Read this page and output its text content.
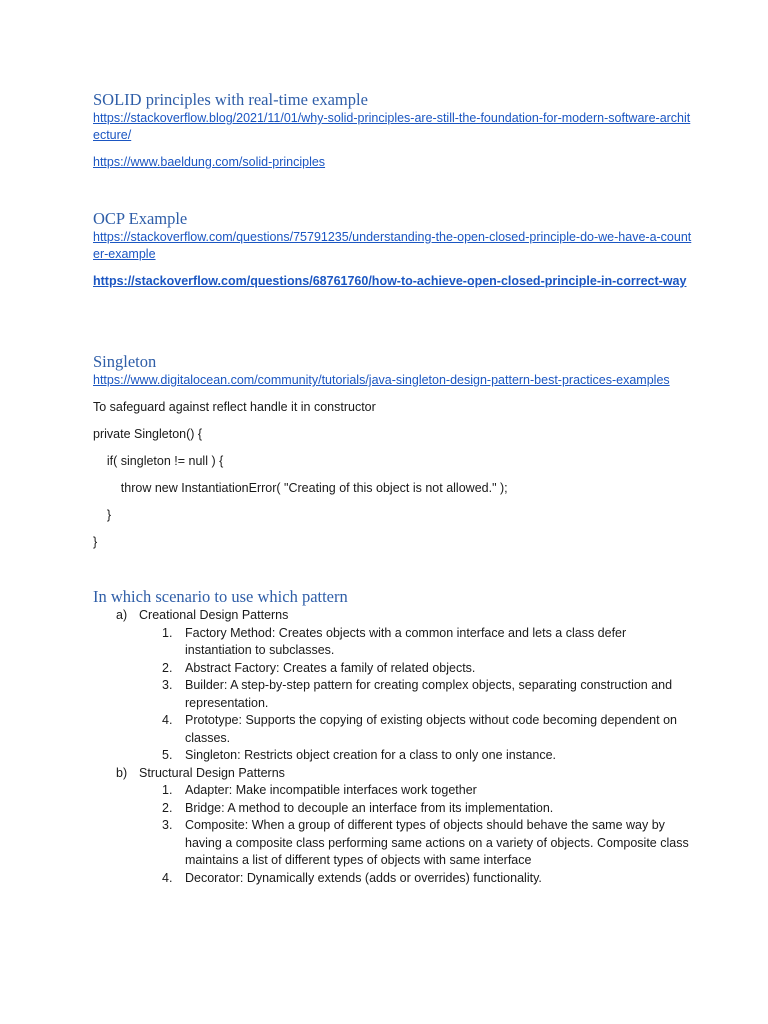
SOLID principles with real-time example
https://stackoverflow.blog/2021/11/01/why-solid-principles-are-still-the-foundation-for-modern-software-architecture/
https://www.baeldung.com/solid-principles
OCP Example
https://stackoverflow.com/questions/75791235/understanding-the-open-closed-principle-do-we-have-a-counter-example
https://stackoverflow.com/questions/68761760/how-to-achieve-open-closed-principle-in-correct-way
Singleton
https://www.digitalocean.com/community/tutorials/java-singleton-design-pattern-best-practices-examples

To safeguard against reflect handle it in constructor

private Singleton() {

if( singleton != null ) {

throw new InstantiationError( "Creating of this object is not allowed." );

}

}

In which scenario to use which pattern
a) Creational Design Patterns
1. Factory Method: Creates objects with a common interface and lets a class defer instantiation to subclasses.
2. Abstract Factory: Creates a family of related objects.
3. Builder: A step-by-step pattern for creating complex objects, separating construction and representation.
4. Prototype: Supports the copying of existing objects without code becoming dependent on classes.
5. Singleton: Restricts object creation for a class to only one instance.
b) Structural Design Patterns
1. Adapter: Make incompatible interfaces work together
2. Bridge: A method to decouple an interface from its implementation.
3. Composite: When a group of different types of objects should behave the same way by having a composite class performing same actions on a variety of objects. Composite class maintains a list of different types of objects with same interface
4. Decorator: Dynamically extends (adds or overrides) functionality.
